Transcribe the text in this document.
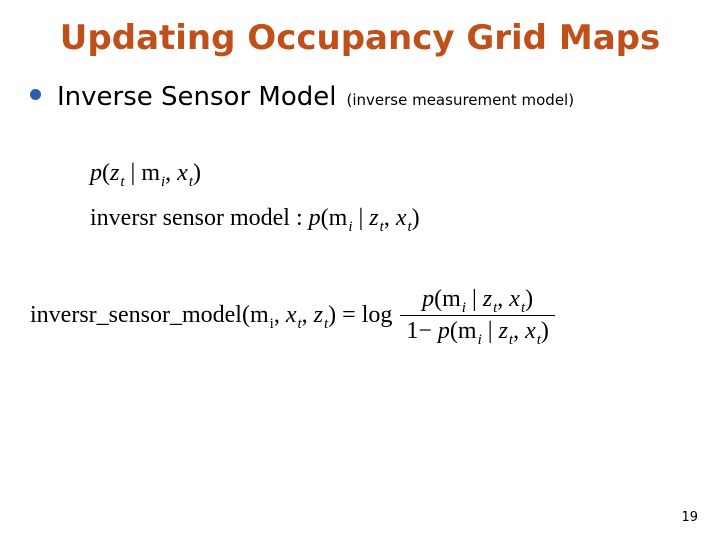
Updating Occupancy Grid Maps
Inverse Sensor Model (inverse measurement model)
$p(z_t$ | $m_i$, $x_t$)
inversr sensor model : $p(m_i$ | $z_t$, $x_t$)
$inversr\_sensor\_model(m_i$, $x_t$, $z_t) = \log \frac{p(m_i | z_t, x_t)}{1- p(m_i | z_t, x_t)}$
19
